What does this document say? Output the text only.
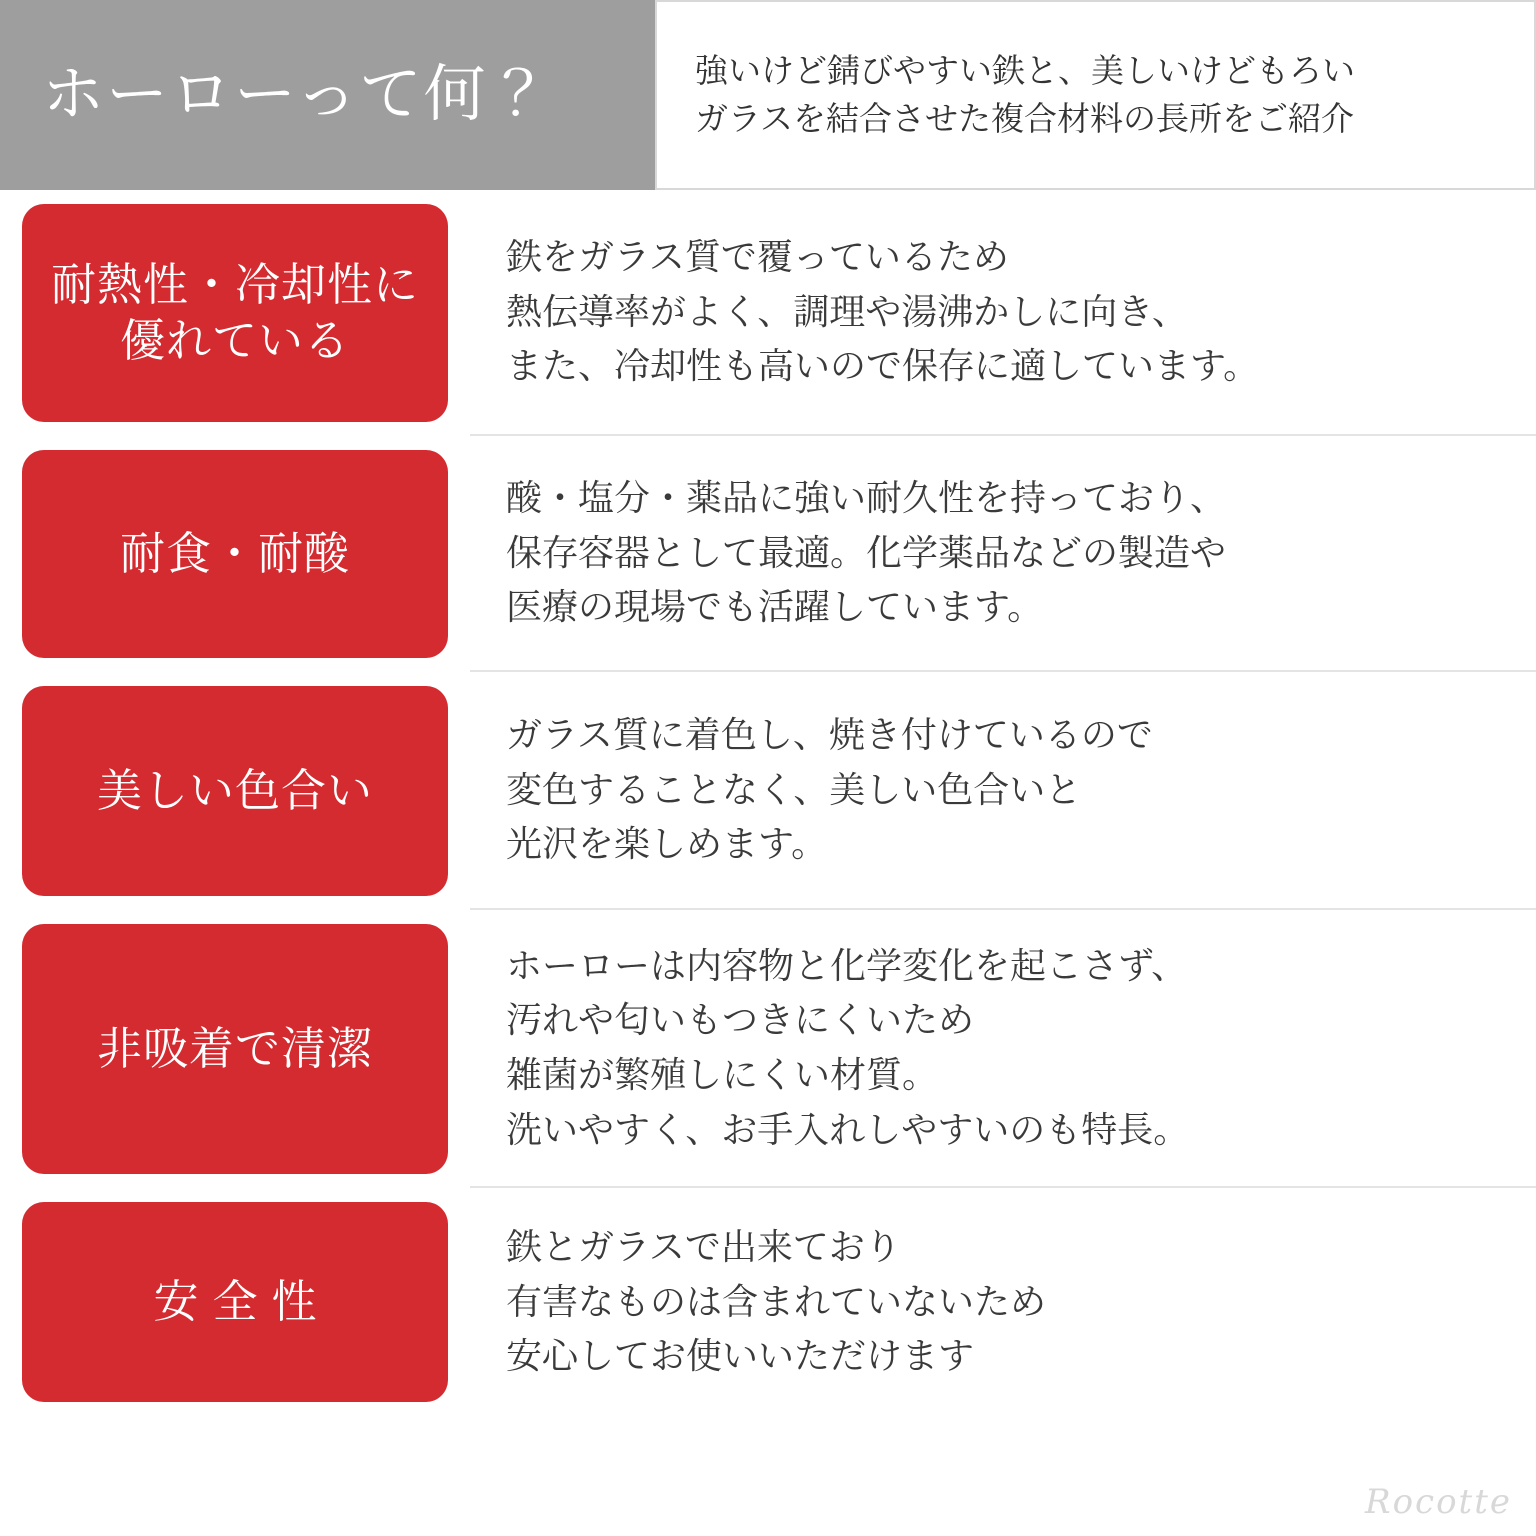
ホーローって何？	強いけど錆びやすい鉄と、美しいけどもろい
ガラスを結合させた複合材料の長所をご紹介
耐熱性・冷却性に
優れている
鉄をガラス質で覆っているため
熱伝導率がよく、調理や湯沸かしに向き、
また、冷却性も高いので保存に適しています。
耐食・耐酸
酸・塩分・薬品に強い耐久性を持っており、
保存容器として最適。化学薬品などの製造や
医療の現場でも活躍しています。
美しい色合い
ガラス質に着色し、焼き付けているので
変色することなく、美しい色合いと
光沢を楽しめます。
非吸着で清潔
ホーローは内容物と化学変化を起こさず、
汚れや匂いもつきにくいため
雑菌が繁殖しにくい材質。
洗いやすく、お手入れしやすいのも特長。
安全性
鉄とガラスで出来ており
有害なものは含まれていないため
安心してお使いいただけます
Rocotte
